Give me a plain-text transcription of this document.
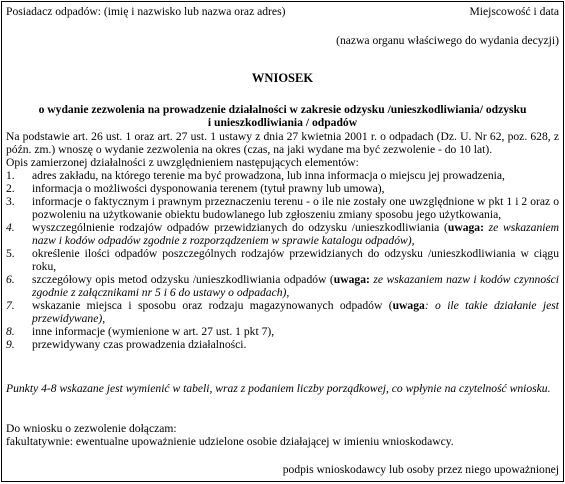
Posiadacz odpadów: (imię i nazwisko lub nazwa oraz adres)	Miejscowość i data
(nazwa organu właściwego do wydania decyzji)
WNIOSEK
o wydanie zezwolenia na prowadzenie działalności w zakresie odzysku /unieszkodliwiania/ odzysku
i unieszkodliwiania / odpadów
Na podstawie art. 26 ust. 1 oraz art. 27 ust. 1 ustawy z dnia 27 kwietnia 2001 r. o odpadach (Dz. U. Nr 62, poz. 628, z późn. zm.) wnoszę o wydanie zezwolenia na okres (czas, na jaki wydane ma być zezwolenie - do 10 lat).
Opis zamierzonej działalności z uwzględnieniem następujących elementów:
1. adres zakładu, na którego terenie ma być prowadzona, lub inna informacja o miejscu jej prowadzenia,
2. informacja o możliwości dysponowania terenem (tytuł prawny lub umowa),
3. informacje o faktycznym i prawnym przeznaczeniu terenu - o ile nie zostały one uwzględnione w pkt 1 i 2 oraz o pozwoleniu na użytkowanie obiektu budowlanego lub zgłoszeniu zmiany sposobu jego użytkowania,
4. wyszczególnienie rodzajów odpadów przewidzianych do odzysku /unieszkodliwiania (uwaga: ze wskazaniem nazw i kodów odpadów zgodnie z rozporządzeniem w sprawie katalogu odpadów),
5. określenie ilości odpadów poszczególnych rodzajów przewidzianych do odzysku /unieszkodliwiania w ciągu roku,
6. szczegółowy opis metod odzysku /unieszkodliwiania odpadów (uwaga: ze wskazaniem nazw i kodów czynności zgodnie z załącznikami nr 5 i 6 do ustawy o odpadach),
7. wskazanie miejsca i sposobu oraz rodzaju magazynowanych odpadów (uwaga: o ile takie działanie jest przewidywane),
8. inne informacje (wymienione w art. 27 ust. 1 pkt 7),
9. przewidywany czas prowadzenia działalności.
Punkty 4-8 wskazane jest wymienić w tabeli, wraz z podaniem liczby porządkowej, co wpłynie na czytelność wniosku.
Do wniosku o zezwolenie dołączam:
fakultatywnie: ewentualne upoważnienie udzielone osobie działającej w imieniu wnioskodawcy.
podpis wnioskodawcy lub osoby przez niego upoważnionej
